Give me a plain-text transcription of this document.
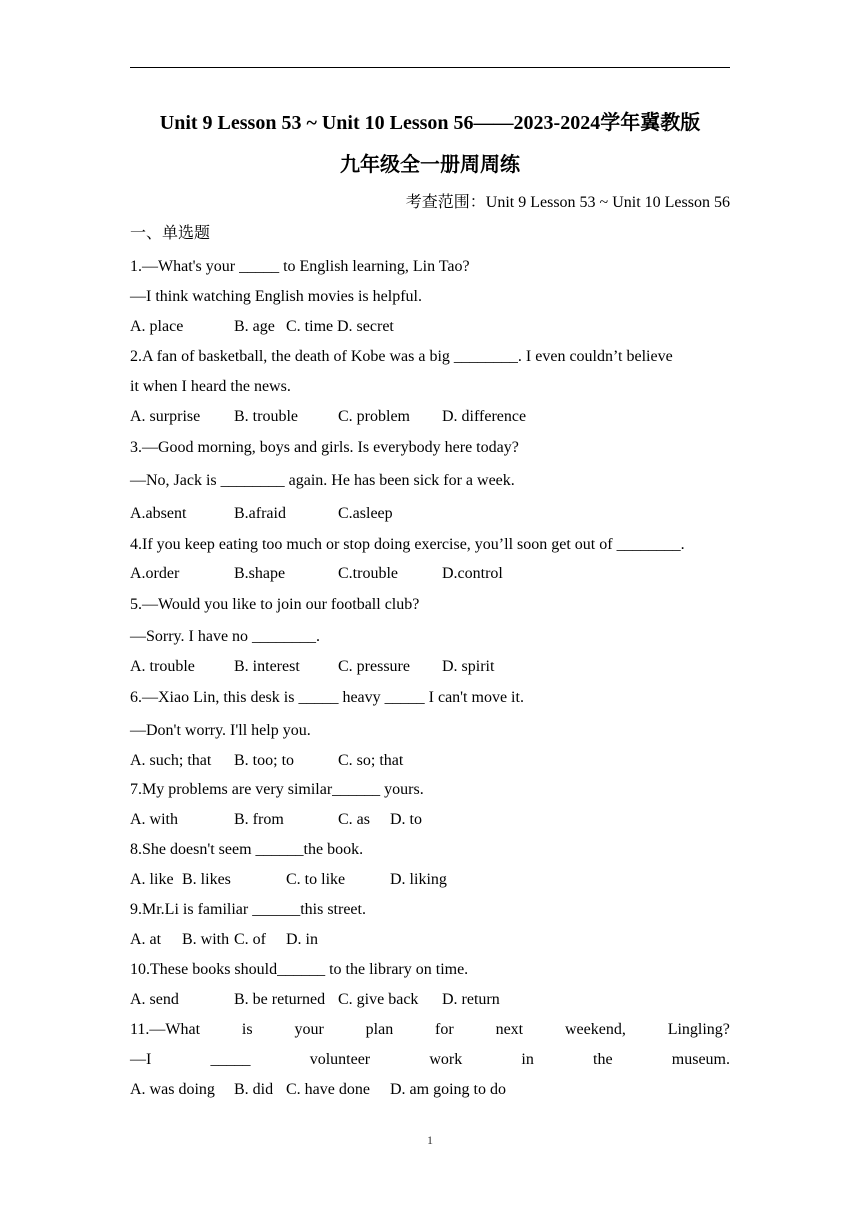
Unit 9 Lesson 53 ~ Unit 10 Lesson 56——2023-2024学年冀教版
九年级全一册周周练
考查范围：Unit 9 Lesson 53 ~ Unit 10 Lesson 56
一、单选题
1.—What's your _____ to English learning, Lin Tao?
—I think watching English movies is helpful.
A. place	B. age C. time D. secret
2.A fan of basketball, the death of Kobe was a big ________. I even couldn’t believe
it when I heard the news.
A. surprise B. trouble	C. problem D. difference
3.—Good morning, boys and girls. Is everybody here today?
—No, Jack is ________ again. He has been sick for a week.
A.absent	B.afraid	C.asleep
4.If you keep eating too much or stop doing exercise, you’ll soon get out of ________.
A.order	B.shape	C.trouble	D.control
5.—Would you like to join our football club?
—Sorry. I have no ________.
A. trouble B. interest C. pressure D. spirit
6.—Xiao Lin, this desk is _____ heavy _____ I can't move it.
—Don't worry. I'll help you.
A. such; that B. too; to	C. so; that
7.My problems are very similar______ yours.
A. with	B. from	C. as D. to
8.She doesn't seem ______the book.
A. like B. likes	C. to like	D. liking
9.Mr.Li is familiar ______this street.
A. at B. with C. of D. in
10.These books should______ to the library on time.
A. send	B. be returned C. give back D. return
11.—What	is	your	plan	for	next	weekend,	Lingling?
—I	_____	volunteer	work	in	the	museum.
A. was doing B. did C. have done D. am going to do
1
